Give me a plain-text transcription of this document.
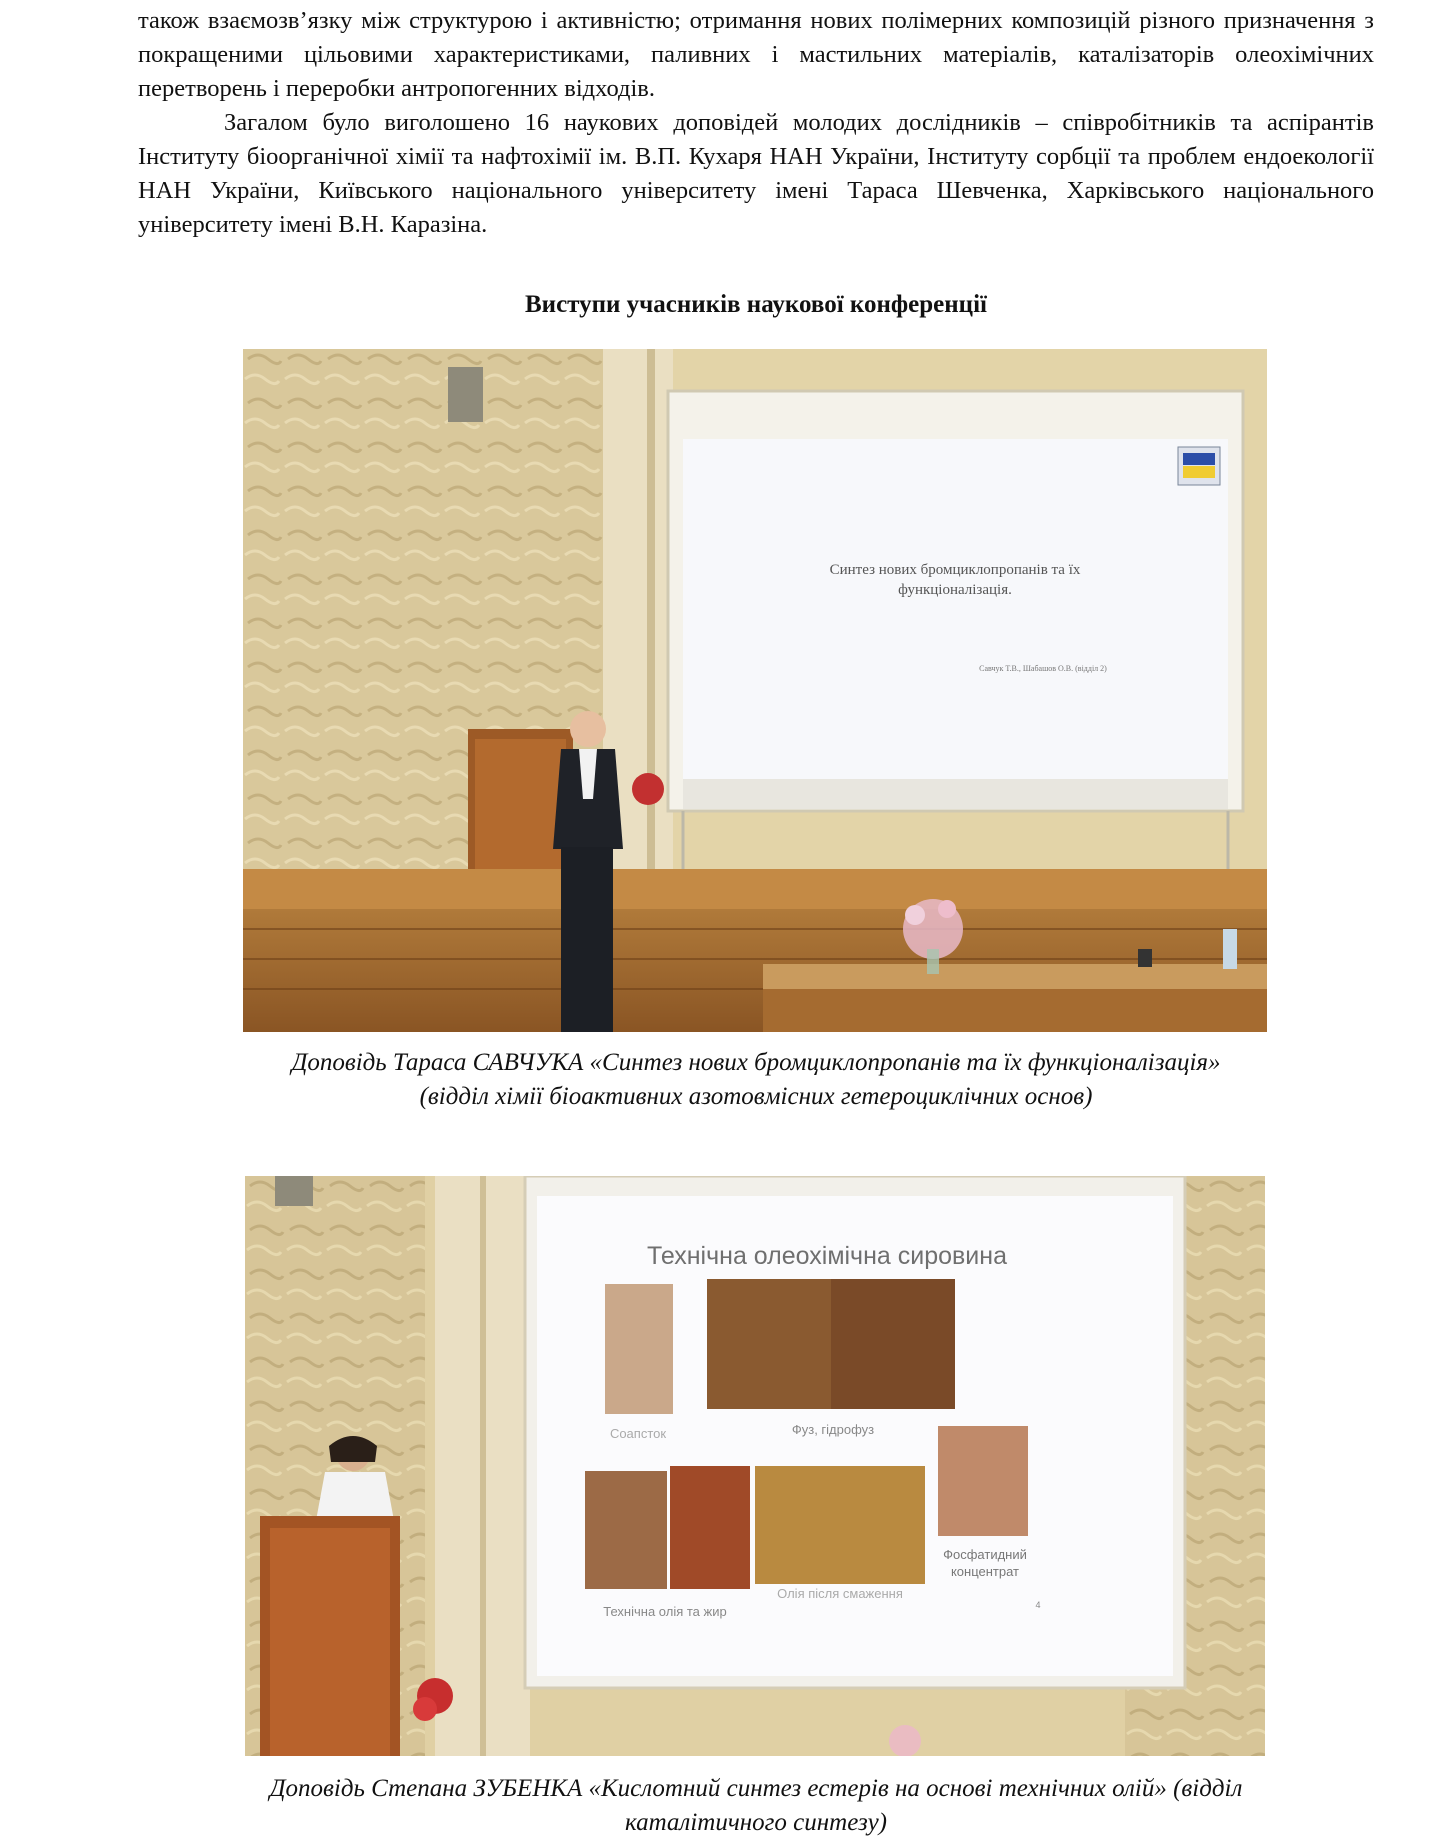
також взаємозв’язку між структурою і активністю; отримання нових полімерних композицій різного призначення з покращеними цільовими характеристиками, паливних і мастильних матеріалів, каталізаторів олеохімічних перетворень і переробки антропогенних відходів.

Загалом було виголошено 16 наукових доповідей молодих дослідників – співробітників та аспірантів Інституту біоорганічної хімії та нафтохімії ім. В.П. Кухаря НАН України, Інституту сорбції та проблем ендоекології НАН України, Київського національного університету імені Тараса Шевченка, Харківського національного університету імені В.Н. Каразіна.

Виступи учасників наукової конференції

Синтез нових бромциклопропанів та їх
функціоналізація.
Савчук Т.В., Шабашов О.В. (відділ 2)

Доповідь Тараса САВЧУКА «Синтез нових бромциклопропанів та їх функціоналізація»
(відділ хімії біоактивних азотовмісних гетероциклічних основ)

Технічна олеохімічна сировина
Соапсток	Фуз, гідрофуз
Технічна олія та жир
Олія після смаження
Фосфатидний
концентрат
4

Доповідь Степана ЗУБЕНКА «Кислотний синтез естерів на основі технічних олій» (відділ
каталітичного синтезу)
